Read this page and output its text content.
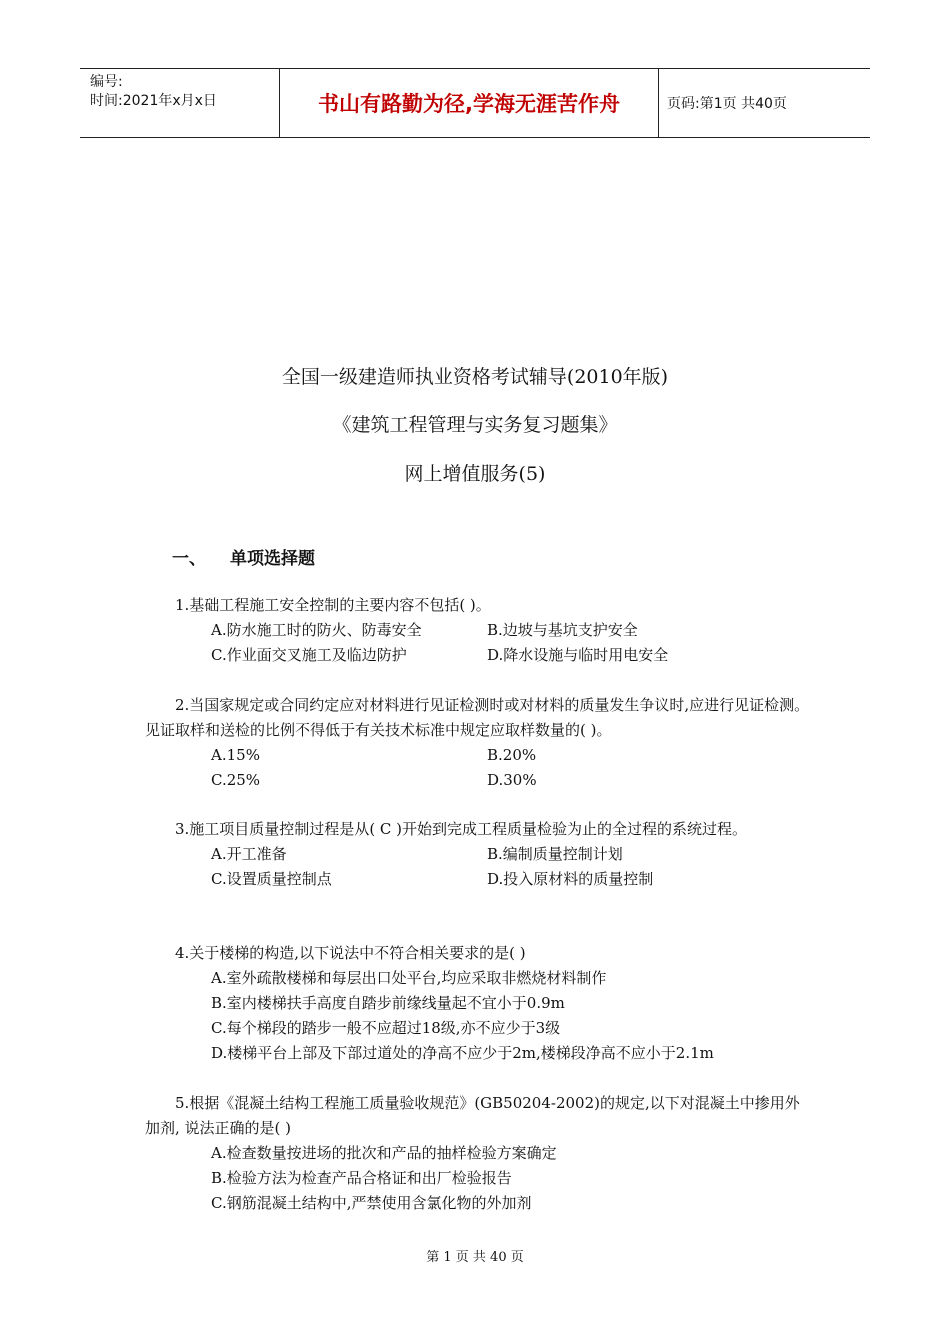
编号:
时间:2021年x月x日	书山有路勤为径,学海无涯苦作舟	页码:第1页 共40页
全国一级建造师执业资格考试辅导(2010年版)
《建筑工程管理与实务复习题集》
网上增值服务(5)
一、 单项选择题
1.基础工程施工安全控制的主要内容不包括( )。
A.防水施工时的防火、防毒安全	B.边坡与基坑支护安全
C.作业面交叉施工及临边防护	D.降水设施与临时用电安全
2.当国家规定或合同约定应对材料进行见证检测时或对材料的质量发生争议时,应进行见证检测。见证取样和送检的比例不得低于有关技术标准中规定应取样数量的( )。
A.15%	B.20%
C.25%	D.30%
3.施工项目质量控制过程是从( C )开始到完成工程质量检验为止的全过程的系统过程。
A.开工准备	B.编制质量控制计划
C.设置质量控制点	D.投入原材料的质量控制
4.关于楼梯的构造,以下说法中不符合相关要求的是( )
A.室外疏散楼梯和每层出口处平台,均应采取非燃烧材料制作
B.室内楼梯扶手高度自踏步前缘线量起不宜小于0.9m
C.每个梯段的踏步一般不应超过18级,亦不应少于3级
D.楼梯平台上部及下部过道处的净高不应少于2m,楼梯段净高不应小于2.1m
5.根据《混凝土结构工程施工质量验收规范》(GB50204-2002)的规定,以下对混凝土中掺用外加剂, 说法正确的是( )
A.检查数量按进场的批次和产品的抽样检验方案确定
B.检验方法为检查产品合格证和出厂检验报告
C.钢筋混凝土结构中,严禁使用含氯化物的外加剂
第 1 页 共 40 页
